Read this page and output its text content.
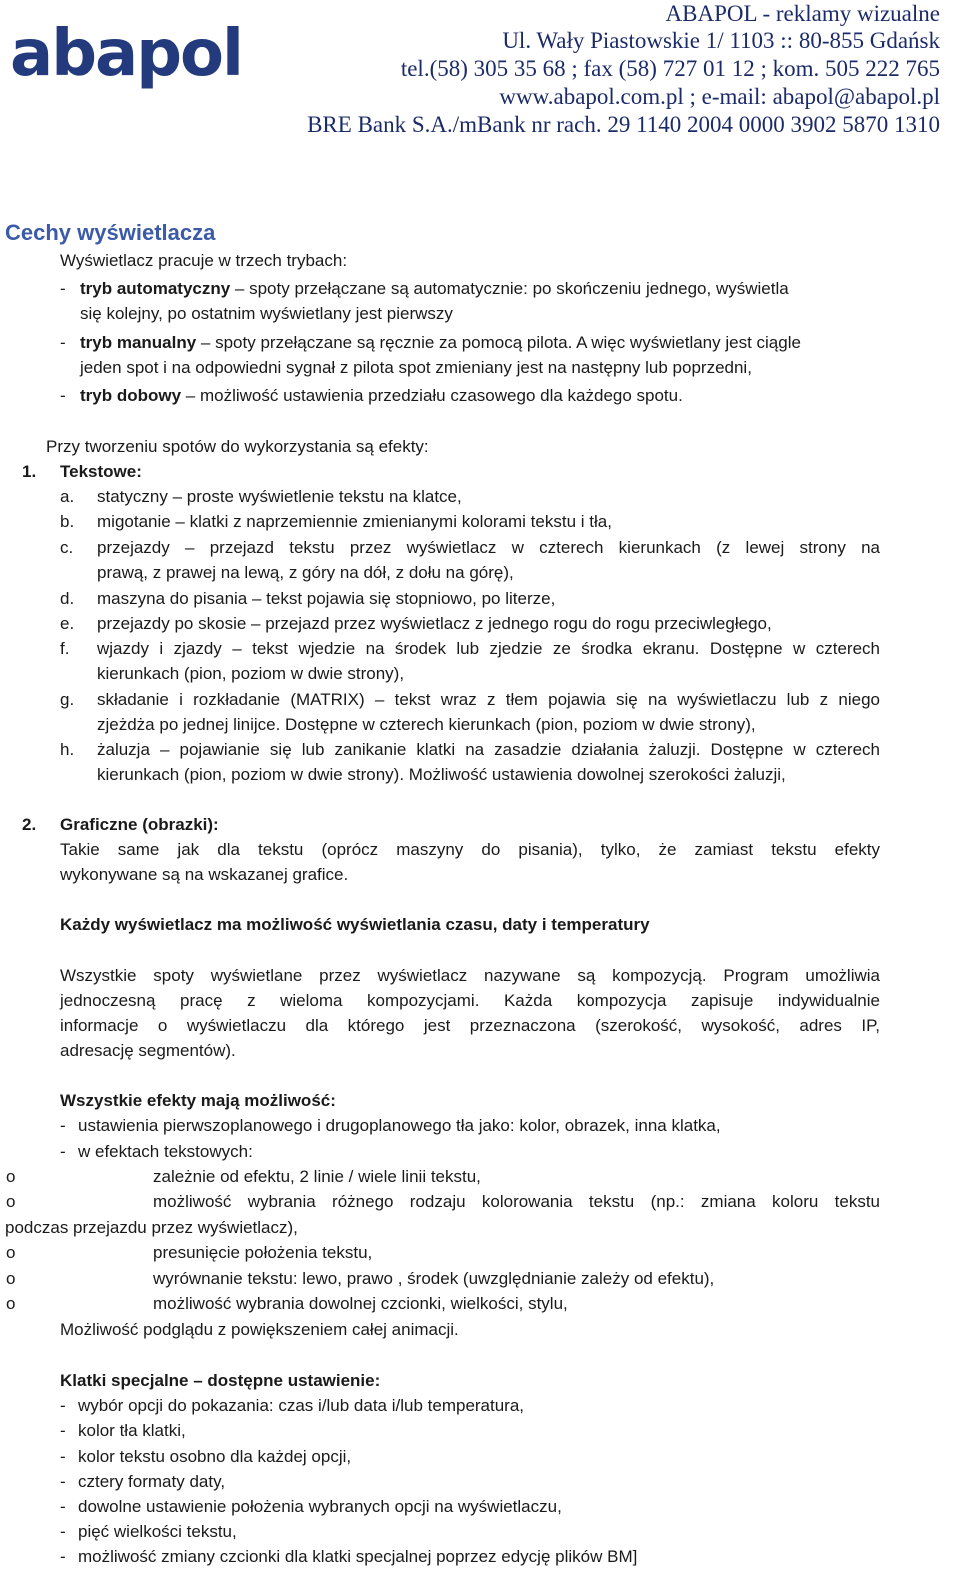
abapol
ABAPOL - reklamy wizualne
Ul. Wały Piastowskie 1/ 1103 :: 80-855 Gdańsk
tel.(58) 305 35 68 ; fax (58) 727 01 12 ; kom. 505 222 765
www.abapol.com.pl ; e-mail: abapol@abapol.pl
BRE Bank S.A./mBank nr rach. 29 1140 2004 0000 3902 5870 1310
Cechy wyświetlacza
Wyświetlacz pracuje w trzech trybach:
- tryb automatyczny – spoty przełączane są automatycznie: po skończeniu jednego, wyświetla
się kolejny, po ostatnim wyświetlany jest pierwszy
- tryb manualny – spoty przełączane są ręcznie za pomocą pilota. A więc wyświetlany jest ciągle
jeden spot i na odpowiedni sygnał z pilota spot zmieniany jest na następny lub poprzedni,
- tryb dobowy – możliwość ustawienia przedziału czasowego dla każdego spotu.
Przy tworzeniu spotów do wykorzystania są efekty:
1. Tekstowe:
a. statyczny – proste wyświetlenie tekstu na klatce,
b. migotanie – klatki z naprzemiennie zmienianymi kolorami tekstu i tła,
c. przejazdy – przejazd tekstu przez wyświetlacz w czterech kierunkach (z lewej strony na
prawą, z prawej na lewą, z góry na dół, z dołu na górę),
d. maszyna do pisania – tekst pojawia się stopniowo, po literze,
e. przejazdy po skosie – przejazd przez wyświetlacz z jednego rogu do rogu przeciwległego,
f. wjazdy i zjazdy – tekst wjedzie na środek lub zjedzie ze środka ekranu. Dostępne w czterech
kierunkach (pion, poziom w dwie strony),
g. składanie i rozkładanie (MATRIX) – tekst wraz z tłem pojawia się na wyświetlaczu lub z niego
zjeżdża po jednej linijce. Dostępne w czterech kierunkach (pion, poziom w dwie strony),
h. żaluzja – pojawianie się lub zanikanie klatki na zasadzie działania żaluzji. Dostępne w czterech
kierunkach (pion, poziom w dwie strony). Możliwość ustawienia dowolnej szerokości żaluzji,
2. Graficzne (obrazki):
Takie same jak dla tekstu (oprócz maszyny do pisania), tylko, że zamiast tekstu efekty
wykonywane są na wskazanej grafice.
Każdy wyświetlacz ma możliwość wyświetlania czasu, daty i temperatury
Wszystkie spoty wyświetlane przez wyświetlacz nazywane są kompozycją. Program umożliwia
jednoczesną pracę z wieloma kompozycjami. Każda kompozycja zapisuje indywidualnie
informacje o wyświetlaczu dla którego jest przeznaczona (szerokość, wysokość, adres IP,
adresację segmentów).
Wszystkie efekty mają możliwość:
- ustawienia pierwszoplanowego i drugoplanowego tła jako: kolor, obrazek, inna klatka,
- w efektach tekstowych:
o	zależnie od efektu, 2 linie / wiele linii tekstu,
o	możliwość wybrania różnego rodzaju kolorowania tekstu (np.: zmiana koloru tekstu
podczas przejazdu przez wyświetlacz),
o	presunięcie położenia tekstu,
o	wyrównanie tekstu: lewo, prawo , środek (uwzględnianie zależy od efektu),
o	możliwość wybrania dowolnej czcionki, wielkości, stylu,
Możliwość podglądu z powiększeniem całej animacji.
Klatki specjalne – dostępne ustawienie:
- wybór opcji do pokazania: czas i/lub data i/lub temperatura,
- kolor tła klatki,
- kolor tekstu osobno dla każdej opcji,
- cztery formaty daty,
- dowolne ustawienie położenia wybranych opcji na wyświetlaczu,
- pięć wielkości tekstu,
- możliwość zmiany czcionki dla klatki specjalnej poprzez edycję plików BM]
